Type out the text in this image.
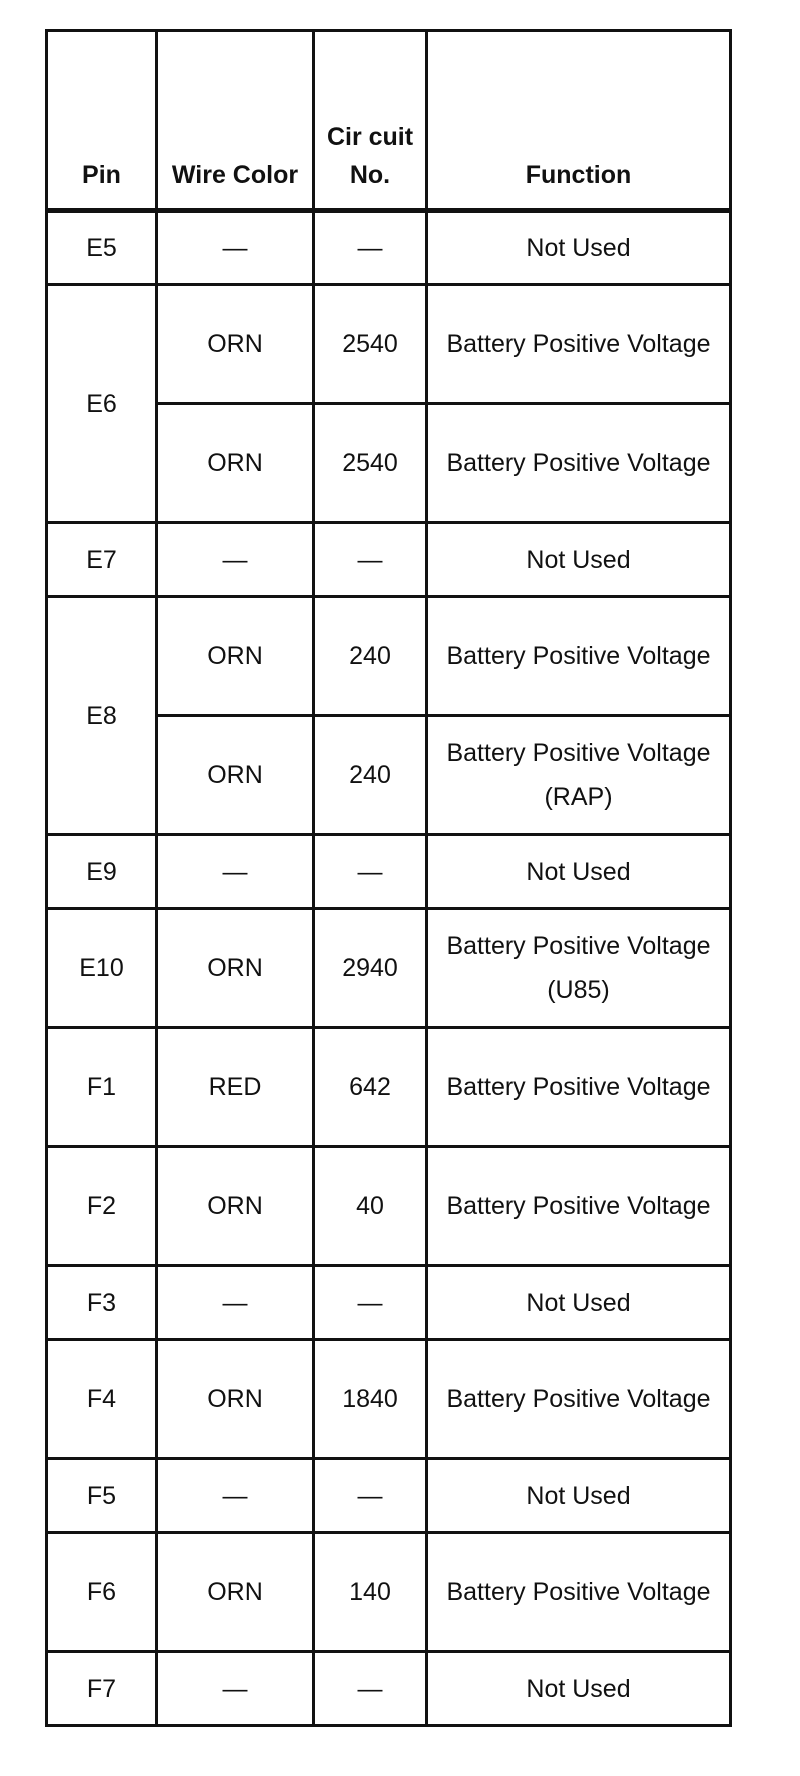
Pin	Wire Color	Cir cuit No.	Function
E5	—	—	Not Used
E6	ORN	2540	Battery Positive Voltage
	ORN	2540	Battery Positive Voltage
E7	—	—	Not Used
E8	ORN	240	Battery Positive Voltage
	ORN	240	Battery Positive Voltage (RAP)
E9	—	—	Not Used
E10	ORN	2940	Battery Positive Voltage (U85)
F1	RED	642	Battery Positive Voltage
F2	ORN	40	Battery Positive Voltage
F3	—	—	Not Used
F4	ORN	1840	Battery Positive Voltage
F5	—	—	Not Used
F6	ORN	140	Battery Positive Voltage
F7	—	—	Not Used
